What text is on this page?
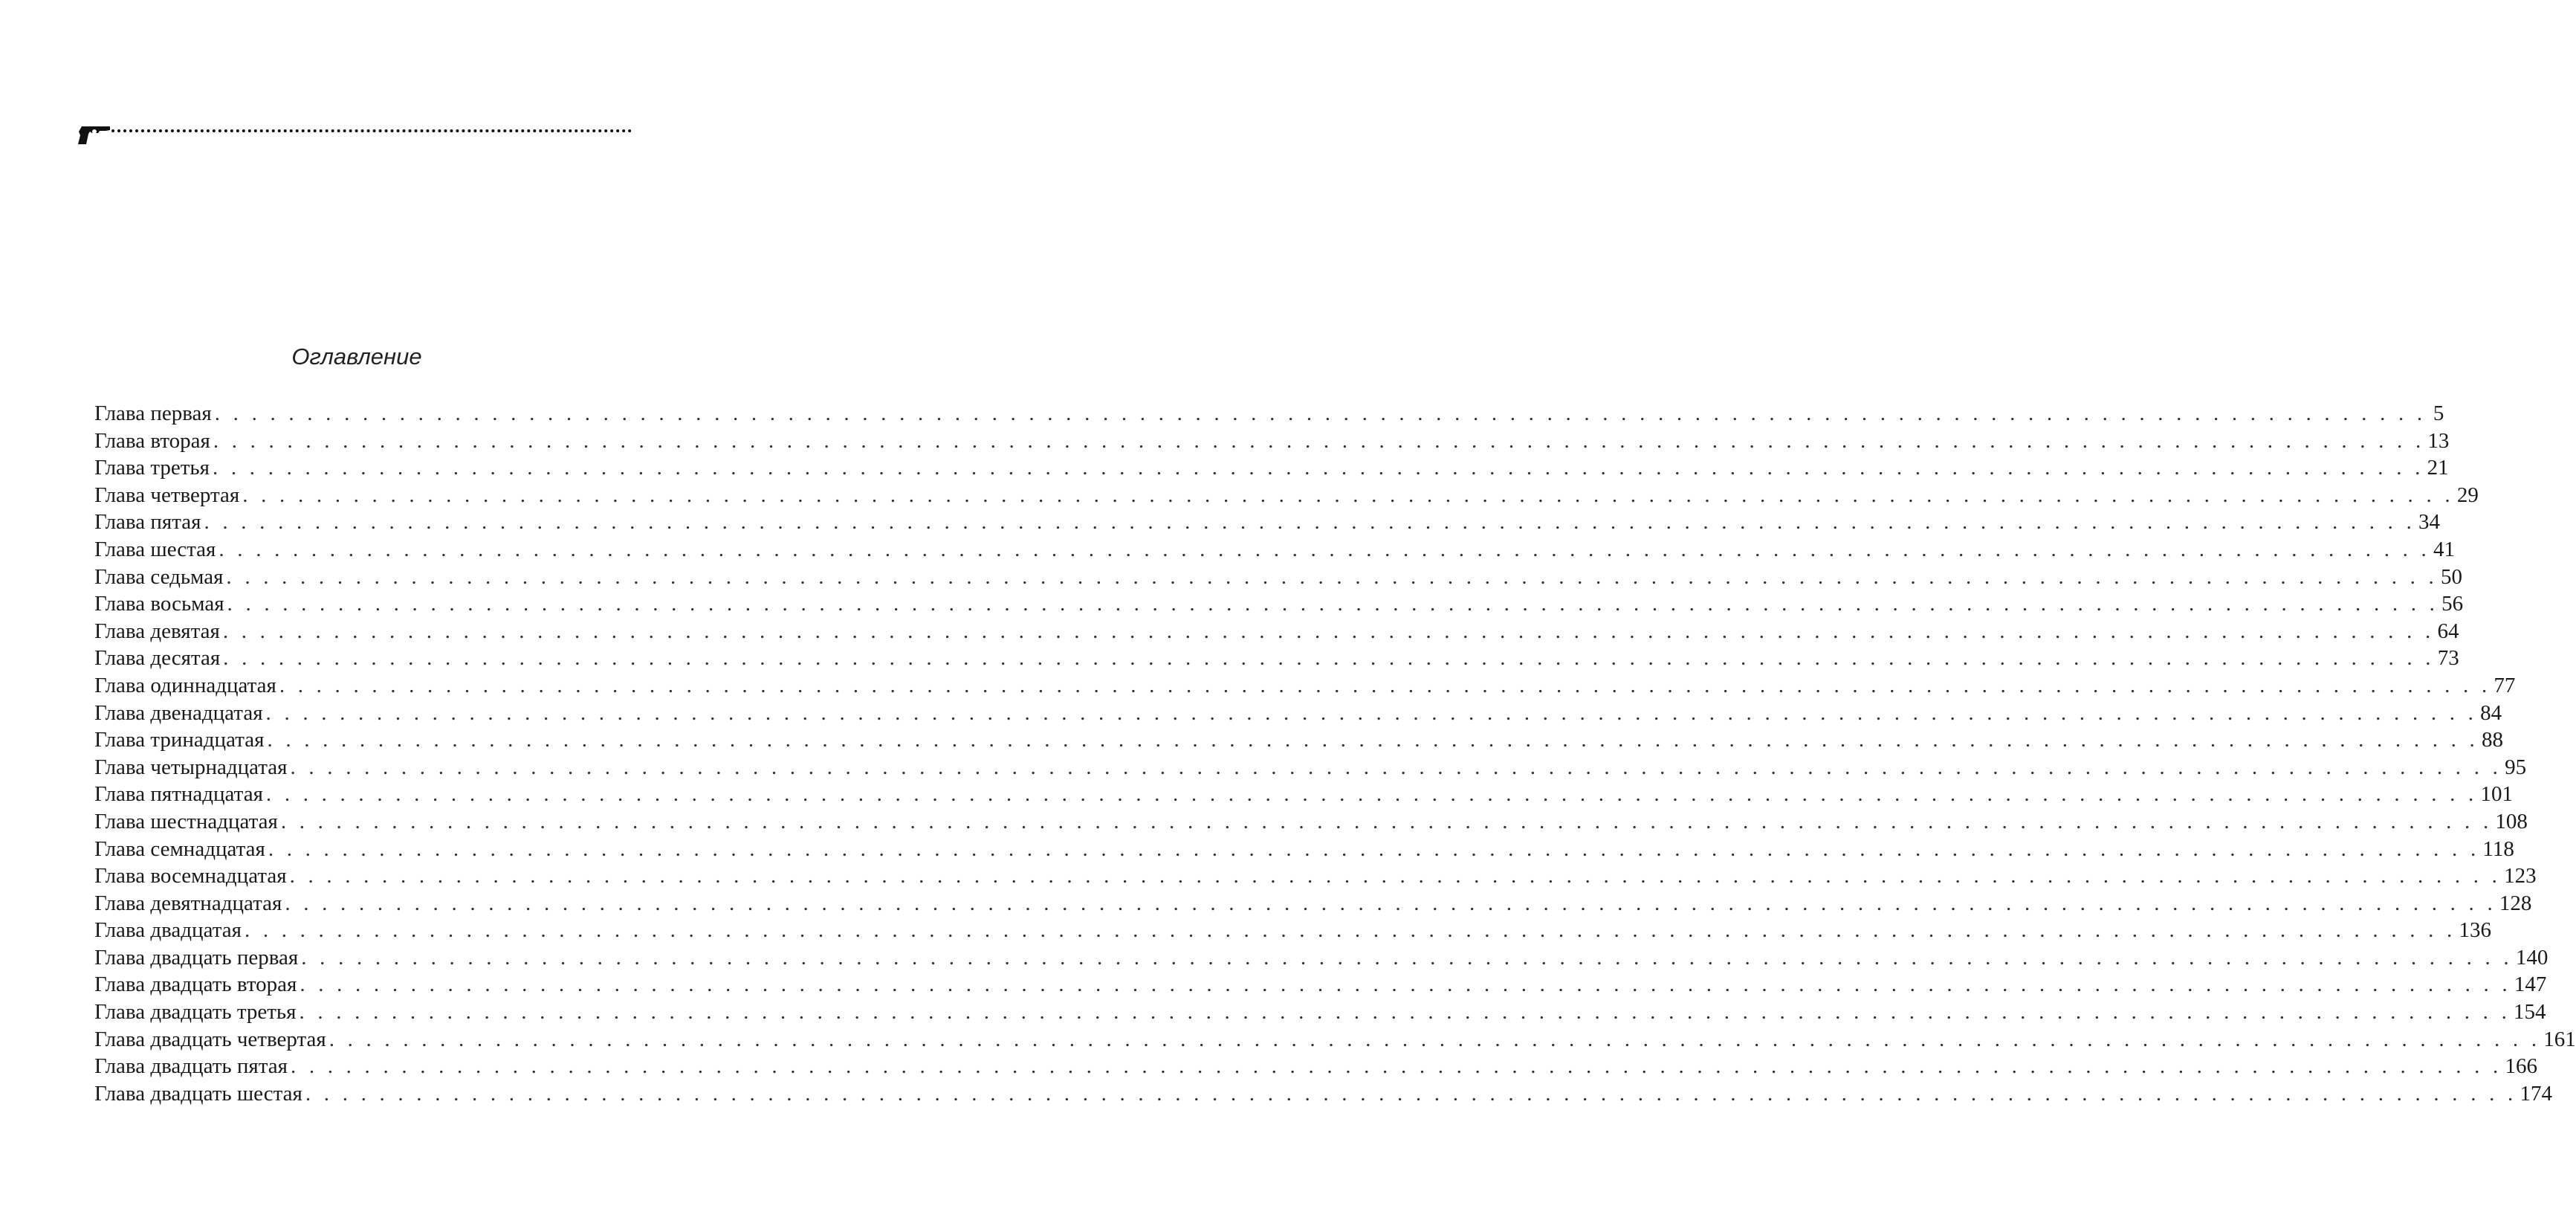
Оглавление
Глава первая . . . . . . . . . . . . . . . . . . . . . . . . . . . . . . . . . . . . . . . . . . . . . . . . . . . . . . . . . . . . . . . . . . . . . . . . . . . . . . . . . . . . . . . . . . . . . . . . . . . . . . . . . . . . . . . . . . . . . . . . 5
Глава вторая . . . . . . . . . . . . . . . . . . . . . . . . . . . . . . . . . . . . . . . . . . . . . . . . . . . . . . . . . . . . . . . . . . . . . . . . . . . . . . . . . . . . . . . . . . . . . . . . . . . . . . . . . . . . . . . . . . . . . . . . 13
Глава третья . . . . . . . . . . . . . . . . . . . . . . . . . . . . . . . . . . . . . . . . . . . . . . . . . . . . . . . . . . . . . . . . . . . . . . . . . . . . . . . . . . . . . . . . . . . . . . . . . . . . . . . . . . . . . . . . . . . . . . . . 21
Глава четвертая . . . . . . . . . . . . . . . . . . . . . . . . . . . . . . . . . . . . . . . . . . . . . . . . . . . . . . . . . . . . . . . . . . . . . . . . . . . . . . . . . . . . . . . . . . . . . . . . . . . . . . . . . . . . . . . . . . . . . . . . 29
Глава пятая . . . . . . . . . . . . . . . . . . . . . . . . . . . . . . . . . . . . . . . . . . . . . . . . . . . . . . . . . . . . . . . . . . . . . . . . . . . . . . . . . . . . . . . . . . . . . . . . . . . . . . . . . . . . . . . . . . . . . . . . 34
Глава шестая . . . . . . . . . . . . . . . . . . . . . . . . . . . . . . . . . . . . . . . . . . . . . . . . . . . . . . . . . . . . . . . . . . . . . . . . . . . . . . . . . . . . . . . . . . . . . . . . . . . . . . . . . . . . . . . . . . . . . . . . 41
Глава седьмая . . . . . . . . . . . . . . . . . . . . . . . . . . . . . . . . . . . . . . . . . . . . . . . . . . . . . . . . . . . . . . . . . . . . . . . . . . . . . . . . . . . . . . . . . . . . . . . . . . . . . . . . . . . . . . . . . . . . . . . . 50
Глава восьмая . . . . . . . . . . . . . . . . . . . . . . . . . . . . . . . . . . . . . . . . . . . . . . . . . . . . . . . . . . . . . . . . . . . . . . . . . . . . . . . . . . . . . . . . . . . . . . . . . . . . . . . . . . . . . . . . . . . . . . . . 56
Глава девятая . . . . . . . . . . . . . . . . . . . . . . . . . . . . . . . . . . . . . . . . . . . . . . . . . . . . . . . . . . . . . . . . . . . . . . . . . . . . . . . . . . . . . . . . . . . . . . . . . . . . . . . . . . . . . . . . . . . . . . . . 64
Глава десятая . . . . . . . . . . . . . . . . . . . . . . . . . . . . . . . . . . . . . . . . . . . . . . . . . . . . . . . . . . . . . . . . . . . . . . . . . . . . . . . . . . . . . . . . . . . . . . . . . . . . . . . . . . . . . . . . . . . . . . . . 73
Глава одиннадцатая . . . . . . . . . . . . . . . . . . . . . . . . . . . . . . . . . . . . . . . . . . . . . . . . . . . . . . . . . . . . . . . . . . . . . . . . . . . . . . . . . . . . . . . . . . . . . . . . . . . . . . . . . . . . . . . . . . . . . . . . 77
Глава двенадцатая . . . . . . . . . . . . . . . . . . . . . . . . . . . . . . . . . . . . . . . . . . . . . . . . . . . . . . . . . . . . . . . . . . . . . . . . . . . . . . . . . . . . . . . . . . . . . . . . . . . . . . . . . . . . . . . . . . . . . . . . 84
Глава тринадцатая . . . . . . . . . . . . . . . . . . . . . . . . . . . . . . . . . . . . . . . . . . . . . . . . . . . . . . . . . . . . . . . . . . . . . . . . . . . . . . . . . . . . . . . . . . . . . . . . . . . . . . . . . . . . . . . . . . . . . . . . 88
Глава четырнадцатая . . . . . . . . . . . . . . . . . . . . . . . . . . . . . . . . . . . . . . . . . . . . . . . . . . . . . . . . . . . . . . . . . . . . . . . . . . . . . . . . . . . . . . . . . . . . . . . . . . . . . . . . . . . . . . . . . . . . . . . . 95
Глава пятнадцатая . . . . . . . . . . . . . . . . . . . . . . . . . . . . . . . . . . . . . . . . . . . . . . . . . . . . . . . . . . . . . . . . . . . . . . . . . . . . . . . . . . . . . . . . . . . . . . . . . . . . . . . . . . . . . . . . . . . . . . . . 101
Глава шестнадцатая . . . . . . . . . . . . . . . . . . . . . . . . . . . . . . . . . . . . . . . . . . . . . . . . . . . . . . . . . . . . . . . . . . . . . . . . . . . . . . . . . . . . . . . . . . . . . . . . . . . . . . . . . . . . . . . . . . . . . . . . 108
Глава семнадцатая . . . . . . . . . . . . . . . . . . . . . . . . . . . . . . . . . . . . . . . . . . . . . . . . . . . . . . . . . . . . . . . . . . . . . . . . . . . . . . . . . . . . . . . . . . . . . . . . . . . . . . . . . . . . . . . . . . . . . . . . 118
Глава восемнадцатая . . . . . . . . . . . . . . . . . . . . . . . . . . . . . . . . . . . . . . . . . . . . . . . . . . . . . . . . . . . . . . . . . . . . . . . . . . . . . . . . . . . . . . . . . . . . . . . . . . . . . . . . . . . . . . . . . . . . . . . . 123
Глава девятнадцатая . . . . . . . . . . . . . . . . . . . . . . . . . . . . . . . . . . . . . . . . . . . . . . . . . . . . . . . . . . . . . . . . . . . . . . . . . . . . . . . . . . . . . . . . . . . . . . . . . . . . . . . . . . . . . . . . . . . . . . . . 128
Глава двадцатая . . . . . . . . . . . . . . . . . . . . . . . . . . . . . . . . . . . . . . . . . . . . . . . . . . . . . . . . . . . . . . . . . . . . . . . . . . . . . . . . . . . . . . . . . . . . . . . . . . . . . . . . . . . . . . . . . . . . . . . . 136
Глава двадцать первая . . . . . . . . . . . . . . . . . . . . . . . . . . . . . . . . . . . . . . . . . . . . . . . . . . . . . . . . . . . . . . . . . . . . . . . . . . . . . . . . . . . . . . . . . . . . . . . . . . . . . . . . . . . . . . . . . . . . . . . . 140
Глава двадцать вторая . . . . . . . . . . . . . . . . . . . . . . . . . . . . . . . . . . . . . . . . . . . . . . . . . . . . . . . . . . . . . . . . . . . . . . . . . . . . . . . . . . . . . . . . . . . . . . . . . . . . . . . . . . . . . . . . . . . . . . . . 147
Глава двадцать третья . . . . . . . . . . . . . . . . . . . . . . . . . . . . . . . . . . . . . . . . . . . . . . . . . . . . . . . . . . . . . . . . . . . . . . . . . . . . . . . . . . . . . . . . . . . . . . . . . . . . . . . . . . . . . . . . . . . . . . . . 154
Глава двадцать четвертая . . . . . . . . . . . . . . . . . . . . . . . . . . . . . . . . . . . . . . . . . . . . . . . . . . . . . . . . . . . . . . . . . . . . . . . . . . . . . . . . . . . . . . . . . . . . . . . . . . . . . . . . . . . . . . . . . . . . . . . . 161
Глава двадцать пятая . . . . . . . . . . . . . . . . . . . . . . . . . . . . . . . . . . . . . . . . . . . . . . . . . . . . . . . . . . . . . . . . . . . . . . . . . . . . . . . . . . . . . . . . . . . . . . . . . . . . . . . . . . . . . . . . . . . . . . . . 166
Глава двадцать шестая . . . . . . . . . . . . . . . . . . . . . . . . . . . . . . . . . . . . . . . . . . . . . . . . . . . . . . . . . . . . . . . . . . . . . . . . . . . . . . . . . . . . . . . . . . . . . . . . . . . . . . . . . . . . . . . . . . . . . . . . 174
